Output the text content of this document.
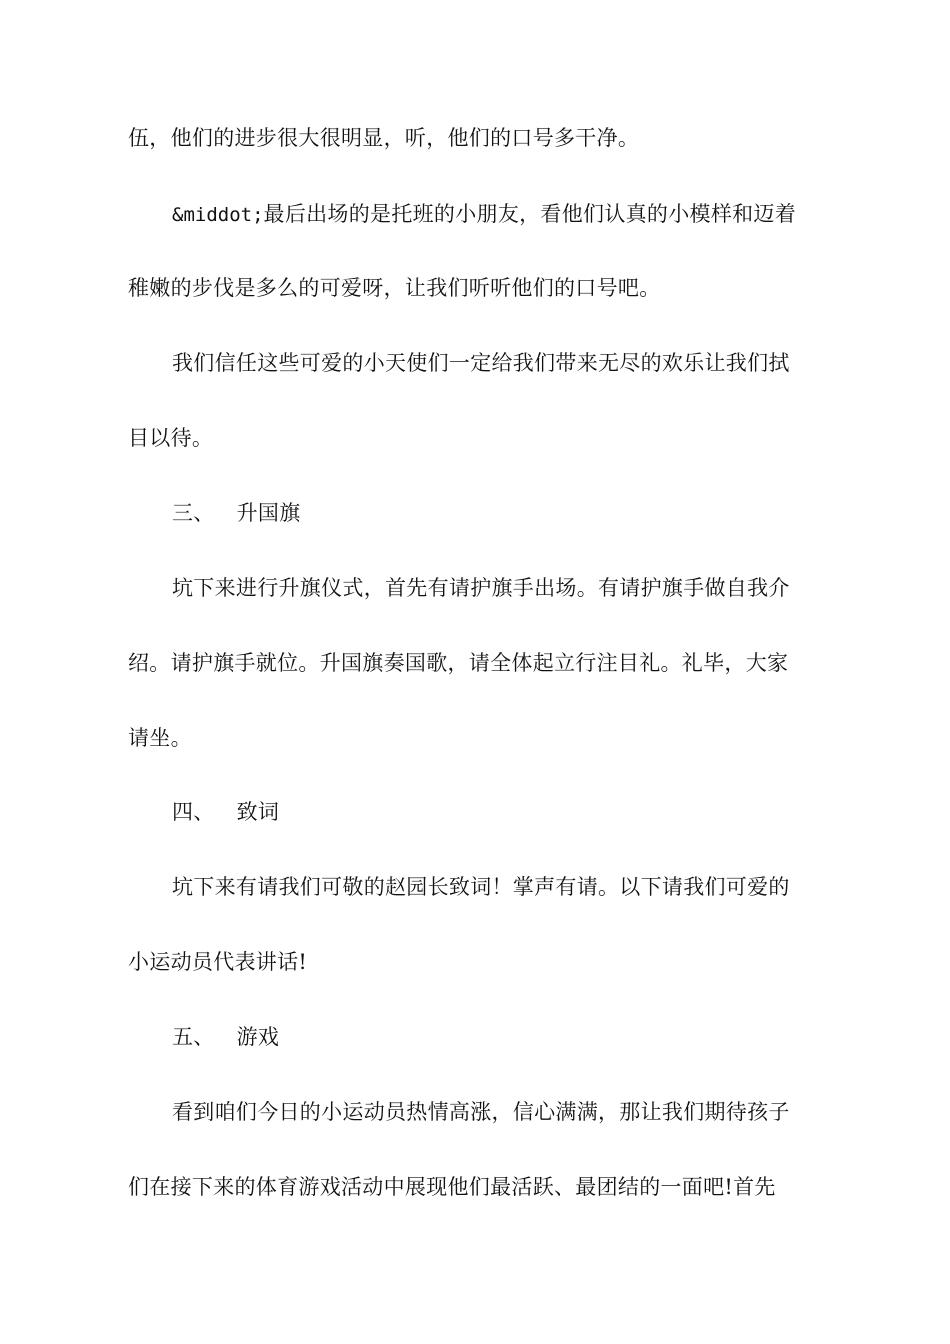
伍，他们的进步很大很明显，听，他们的口号多干净。
&middot;最后出场的是托班的小朋友，看他们认真的小模样和迈着
稚嫩的步伐是多么的可爱呀，让我们听听他们的口号吧。
我们信任这些可爱的小天使们一定给我们带来无尽的欢乐让我们拭
目以待。
三、 升国旗
坑下来进行升旗仪式，首先有请护旗手出场。有请护旗手做自我介
绍。请护旗手就位。升国旗奏国歌，请全体起立行注目礼。礼毕，大家
请坐。
四、 致词
坑下来有请我们可敬的赵园长致词！掌声有请。以下请我们可爱的
小运动员代表讲话!
五、 游戏
看到咱们今日的小运动员热情高涨，信心满满，那让我们期待孩子
们在接下来的体育游戏活动中展现他们最活跃、最团结的一面吧!首先
